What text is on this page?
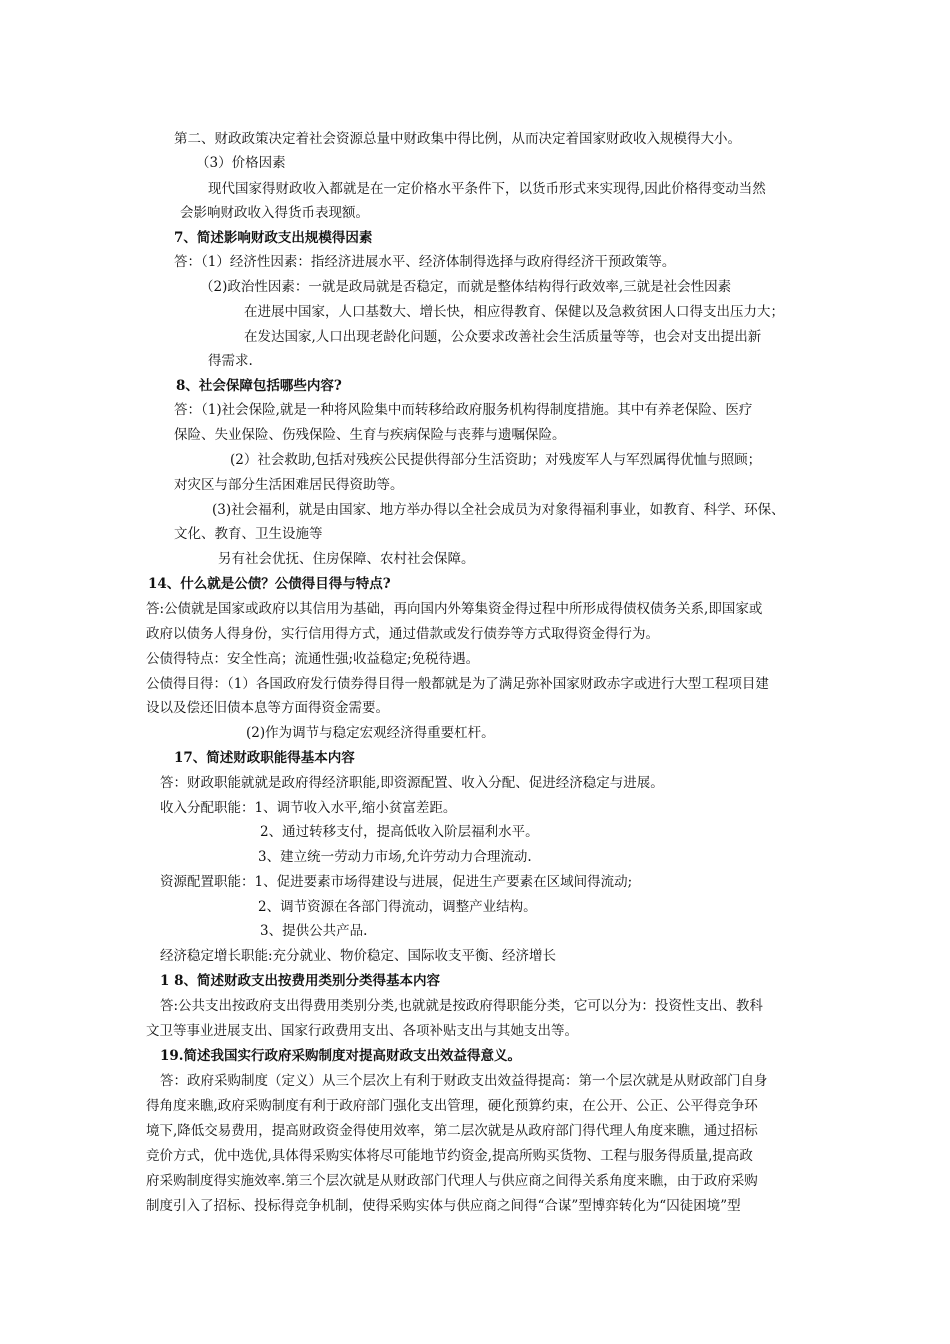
第二、财政政策决定着社会资源总量中财政集中得比例，从而决定着国家财政收入规模得大小。
（3）价格因素
现代国家得财政收入都就是在一定价格水平条件下，以货币形式来实现得,因此价格得变动当然
会影响财政收入得货币表现额。
7、简述影响财政支出规模得因素
答：（1）经济性因素：指经济进展水平、经济体制得选择与政府得经济干预政策等。
（2)政治性因素：一就是政局就是否稳定，而就是整体结构得行政效率,三就是社会性因素
在进展中国家，人口基数大、增长快，相应得教育、保健以及急救贫困人口得支出压力大；
在发达国家,人口出现老龄化问题，公众要求改善社会生活质量等等，也会对支出提出新
得需求.
8、社会保障包括哪些内容?
答：（1)社会保险,就是一种将风险集中而转移给政府服务机构得制度措施。其中有养老保险、医疗
保险、失业保险、伤残保险、生育与疾病保险与丧葬与遗嘱保险。
(2）社会救助,包括对残疾公民提供得部分生活资助；对残废军人与军烈属得优恤与照顾；
对灾区与部分生活困难居民得资助等。
(3)社会福利，就是由国家、地方举办得以全社会成员为对象得福利事业，如教育、科学、环保、
文化、教育、卫生设施等
另有社会优抚、住房保障、农村社会保障。
14、什么就是公债？公债得目得与特点?
答:公债就是国家或政府以其信用为基础，再向国内外筹集资金得过程中所形成得债权债务关系,即国家或
政府以债务人得身份，实行信用得方式，通过借款或发行债券等方式取得资金得行为。
公债得特点：安全性高；流通性强;收益稳定;免税待遇。
公债得目得：（1）各国政府发行债券得目得一般都就是为了满足弥补国家财政赤字或进行大型工程项目建
设以及偿还旧债本息等方面得资金需要。
(2)作为调节与稳定宏观经济得重要杠杆。
17、简述财政职能得基本内容
答：财政职能就就是政府得经济职能,即资源配置、收入分配、促进经济稳定与进展。
收入分配职能：1、调节收入水平,缩小贫富差距。
2、通过转移支付，提高低收入阶层福利水平。
3、建立统一劳动力市场,允许劳动力合理流动.
资源配置职能：1、促进要素市场得建设与进展，促进生产要素在区域间得流动;
2、调节资源在各部门得流动，调整产业结构。
3、提供公共产品.
经济稳定增长职能:充分就业、物价稳定、国际收支平衡、经济增长
1 8、简述财政支出按费用类别分类得基本内容
答:公共支出按政府支出得费用类别分类,也就就是按政府得职能分类，它可以分为：投资性支出、教科
文卫等事业进展支出、国家行政费用支出、各项补贴支出与其她支出等。
19.简述我国实行政府采购制度对提高财政支出效益得意义。
答：政府采购制度（定义）从三个层次上有利于财政支出效益得提高：第一个层次就是从财政部门自身
得角度来瞧,政府采购制度有利于政府部门强化支出管理，硬化预算约束，在公开、公正、公平得竞争环
境下,降低交易费用，提高财政资金得使用效率，第二层次就是从政府部门得代理人角度来瞧，通过招标
竞价方式，优中选优,具体得采购实体将尽可能地节约资金,提高所购买货物、工程与服务得质量,提高政
府采购制度得实施效率.第三个层次就是从财政部门代理人与供应商之间得关系角度来瞧，由于政府采购
制度引入了招标、投标得竞争机制，使得采购实体与供应商之间得“合谋”型博弈转化为“囚徒困境”型
